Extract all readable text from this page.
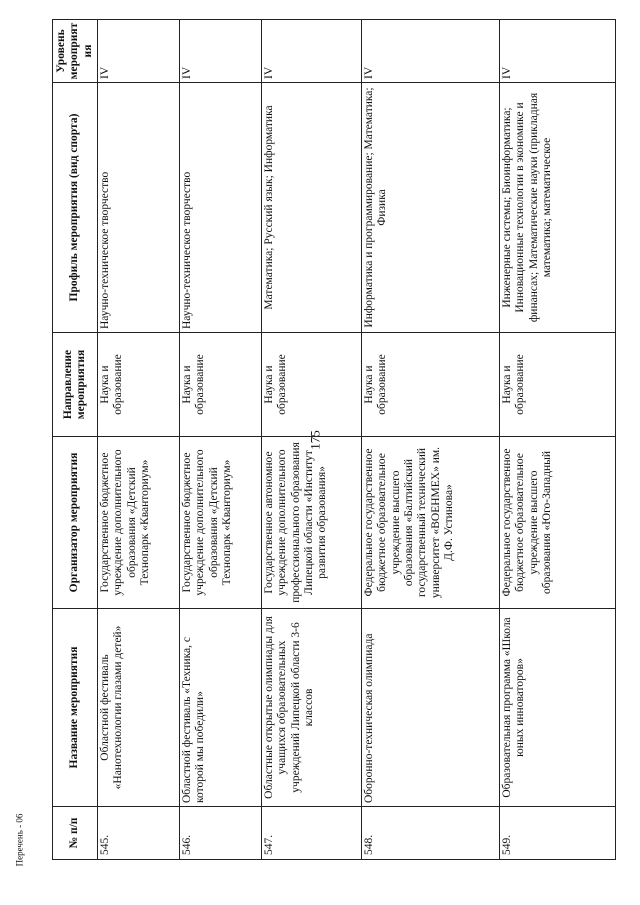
175
Перечень - 06	№ п/п	Название мероприятия	Организатор мероприятия	Направление мероприятия	Профиль мероприятия (вид спорта)	Уровень мероприятия
545.	Областной фестиваль «Нанотехнологии глазами детей»	Государственное бюджетное учреждение дополнительного образования «Детский Технопарк «Кванториум»	Наука и образование	Научно-техническое творчество	IV
546.	Областной фестиваль «Техника, с которой мы победили»	Государственное бюджетное учреждение дополнительного образования «Детский Технопарк «Кванториум»	Наука и образование	Научно-техническое творчество	IV
547.	Областные открытые олимпиады для учащихся образовательных учреждений Липецкой области 3-6 классов	Государственное автономное учреждение дополнительного профессионального образования Липецкой области «Институт развития образования»	Наука и образование	Математика; Русский язык; Информатика	IV
548.	Оборонно-техническая олимпиада	Федеральное государственное бюджетное образовательное учреждение высшего образования «Балтийский государственный технический университет «ВОЕНМЕХ» им. Д.Ф. Устинова»	Наука и образование	Информатика и программирование; Математика; Физика	IV
549.	Образовательная программа «Школа юных инноваторов»	Федеральное государственное бюджетное образовательное учреждение высшего образования «Юго-Западный	Наука и образование	Инженерные системы; Биоинформатика; Инновационные технологии в экономике и финансах; Математические науки (прикладная математика; математическое	IV
